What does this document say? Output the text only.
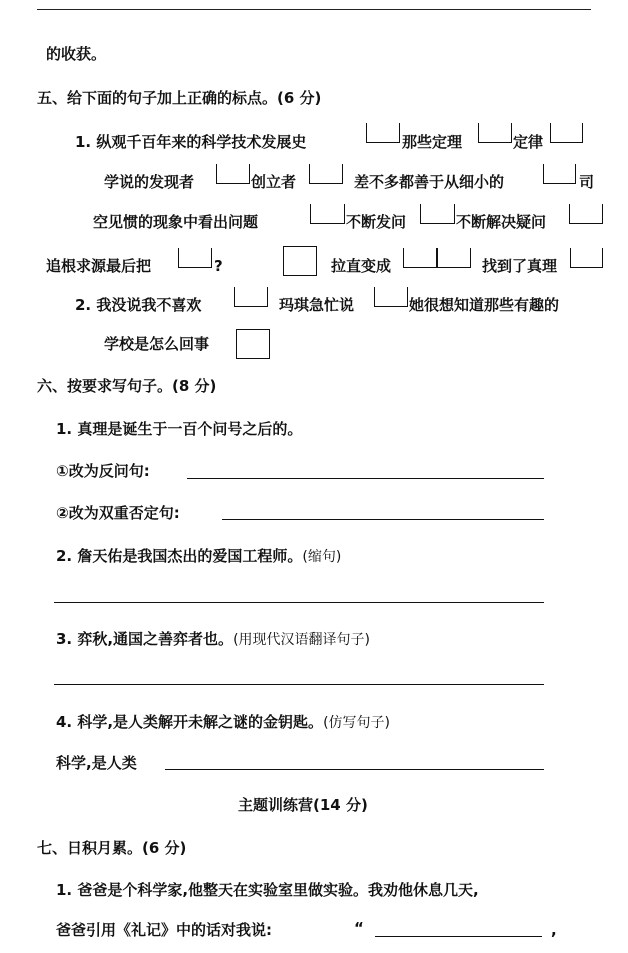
的收获。
五、给下面的句子加上正确的标点。(6 分)
1. 纵观千百年来的科学技术发展史	那些定理	定律
学说的发现者	创立者	差不多都善于从细小的	司
空见惯的现象中看出问题	不断发问	不断解决疑问
追根求源最后把	?	拉直变成	找到了真理
2. 我没说我不喜欢	玛琪急忙说	她很想知道那些有趣的
学校是怎么回事
六、按要求写句子。(8 分)
1. 真理是诞生于一百个问号之后的。
①改为反问句:
②改为双重否定句:
2. 詹天佑是我国杰出的爱国工程师。(缩句)
3. 弈秋,通国之善弈者也。(用现代汉语翻译句子)
4. 科学,是人类解开未解之谜的金钥匙。(仿写句子)
科学,是人类
主题训练营(14 分)
七、日积月累。(6 分)
1. 爸爸是个科学家,他整天在实验室里做实验。我劝他休息几天,
爸爸引用《礼记》中的话对我说:	“	,
